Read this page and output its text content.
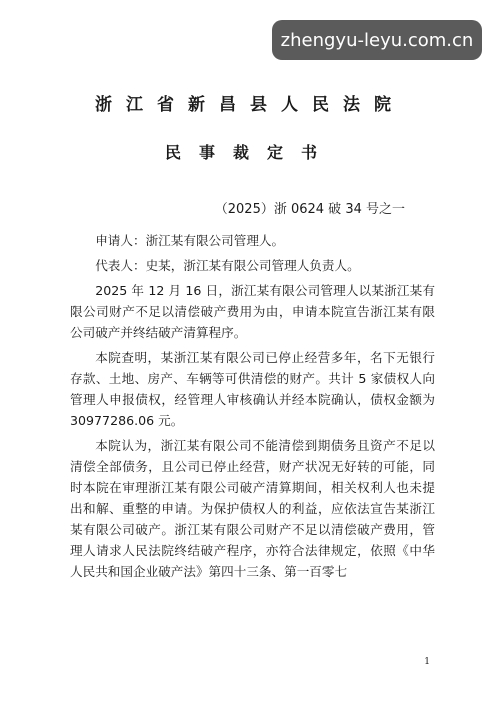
zhengyu-leyu.com.cn
浙江省新昌县人民法院
民事裁定书
（2025）浙 0624 破 34 号之一

申请人：浙江某有限公司管理人。

代表人：史某，浙江某有限公司管理人负责人。

2025 年 12 月 16 日，浙江某有限公司管理人以某浙江某有限公司财产不足以清偿破产费用为由，申请本院宣告浙江某有限公司破产并终结破产清算程序。

本院查明，某浙江某有限公司已停止经营多年，名下无银行存款、土地、房产、车辆等可供清偿的财产。共计 5 家债权人向管理人申报债权，经管理人审核确认并经本院确认，债权金额为 30977286.06 元。

本院认为，浙江某有限公司不能清偿到期债务且资产不足以清偿全部债务，且公司已停止经营，财产状况无好转的可能，同时本院在审理浙江某有限公司破产清算期间，相关权利人也未提出和解、重整的申请。为保护债权人的利益，应依法宣告某浙江某有限公司破产。浙江某有限公司财产不足以清偿破产费用，管理人请求人民法院终结破产程序，亦符合法律规定，依照《中华人民共和国企业破产法》第四十三条、第一百零七

1
